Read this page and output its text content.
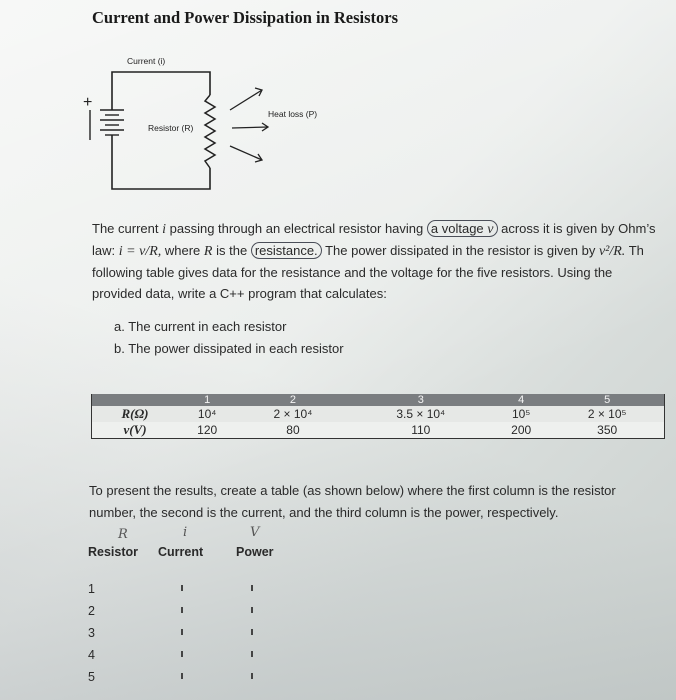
Current and Power Dissipation in Resistors
Current (i)
Resistor (R)
Heat loss (P)
+
The current i passing through an electrical resistor having a voltage v across it is given by Ohm’s
law: i = v/R, where R is the resistance. The power dissipated in the resistor is given by v²/R. Th
following table gives data for the resistance and the voltage for the five resistors. Using the
provided data, write a C++ program that calculates:
a. The current in each resistor
b. The power dissipated in each resistor
	1	2	3	4	5
R(Ω)	10⁴	2 × 10⁴	3.5 × 10⁴	10⁵	2 × 10⁵
v(V)	120	80	110	200	350
To present the results, create a table (as shown below) where the first column is the resistor
number, the second is the current, and the third column is the power, respectively.
R	i	V
Resistor Current	Power
1
2
3
4
5
